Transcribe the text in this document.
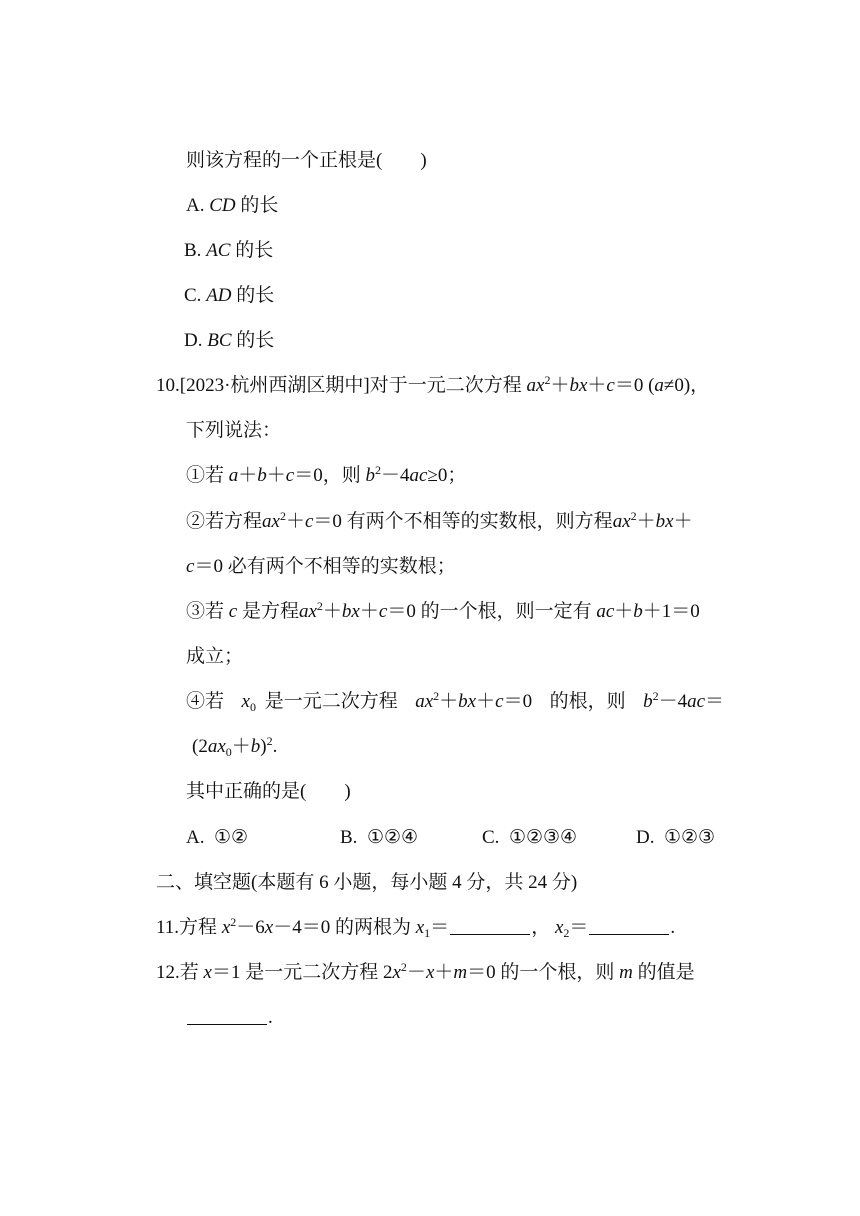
则该方程的一个正根是(　　)
A. CD 的长
B. AC 的长
C. AD 的长
D. BC 的长
10.[2023·杭州西湖区期中]对于一元二次方程 $ax^2+bx+c=0$ (a≠0)，
下列说法：
①若 a＋b＋c＝0，则 $b^2-4ac\ge 0$；
②若方程$ax^2+c=0$ 有两个不相等的实数根，则方程$ax^2+bx+$
c＝0 必有两个不相等的实数根；
③若 c 是方程$ax^2+bx+c=0$ 的一个根，则一定有 ac＋b＋1＝0
成立；
④若 $x_0$ 是一元二次方程 $ax^2+bx+c=0$ 的根，则 $b^2-4ac=$
$(2ax_0+b)^2$.
其中正确的是(　　)
A. ①②	B. ①②④	C. ①②③④	D. ①②③
二、填空题(本题有 6 小题，每小题 4 分，共 24 分)
11.方程 $x^2-6x-4=0$ 的两根为 $x_1=$	， $x_2=$	.
12.若 x＝1 是一元二次方程 $2x^2-x+m=0$ 的一个根，则 m 的值是
.
